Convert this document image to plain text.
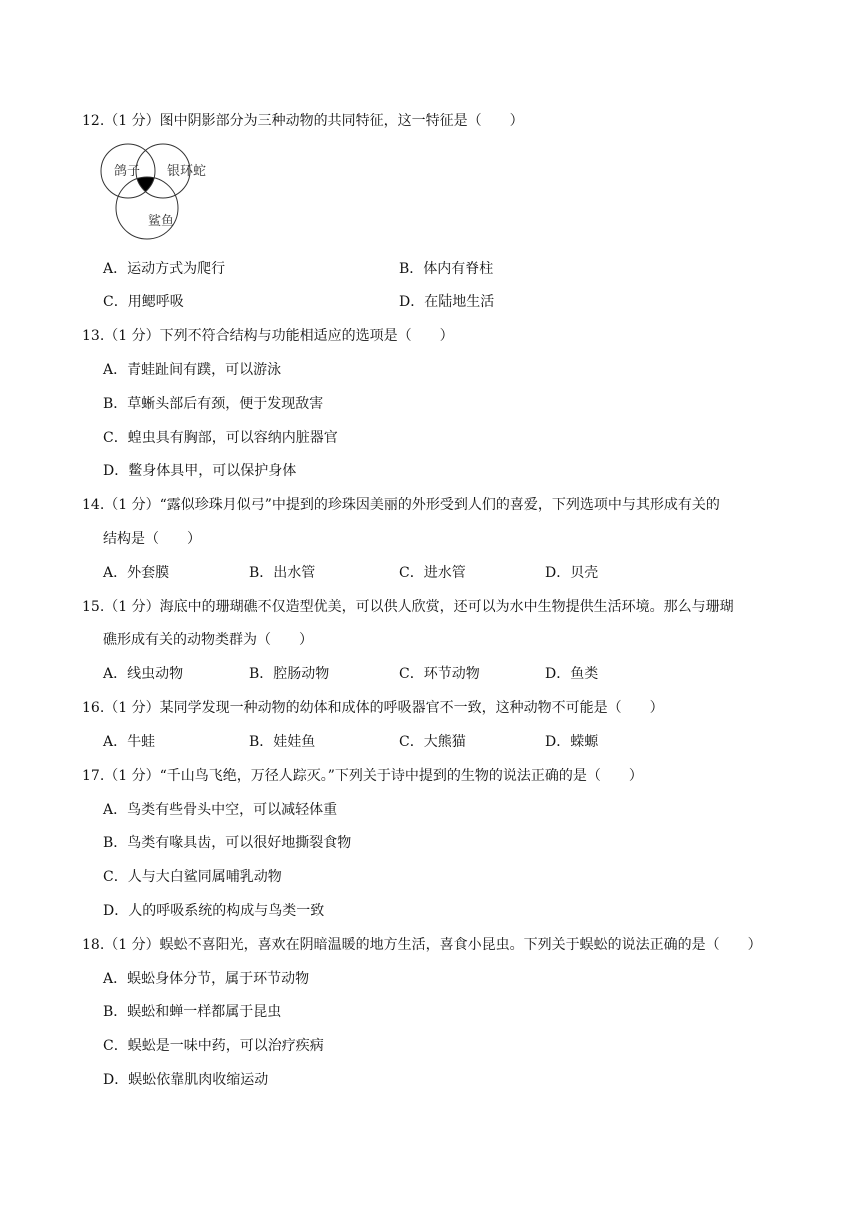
12.（1 分）图中阴影部分为三种动物的共同特征，这一特征是（　　）
鸽子 银环蛇
鲨鱼
A．运动方式为爬行	B．体内有脊柱
C．用鳃呼吸	D．在陆地生活
13.（1 分）下列不符合结构与功能相适应的选项是（　　）
A．青蛙趾间有蹼，可以游泳
B．草蜥头部后有颈，便于发现敌害
C．蝗虫具有胸部，可以容纳内脏器官
D．鳖身体具甲，可以保护身体
14.（1 分）“露似珍珠月似弓”中提到的珍珠因美丽的外形受到人们的喜爱，下列选项中与其形成有关的
结构是（　　）
A．外套膜	B．出水管	C．进水管	D．贝壳
15.（1 分）海底中的珊瑚礁不仅造型优美，可以供人欣赏，还可以为水中生物提供生活环境。那么与珊瑚
礁形成有关的动物类群为（　　）
A．线虫动物	B．腔肠动物	C．环节动物	D．鱼类
16.（1 分）某同学发现一种动物的幼体和成体的呼吸器官不一致，这种动物不可能是（　　）
A．牛蛙	B．娃娃鱼	C．大熊猫	D．蝾螈
17.（1 分）“千山鸟飞绝，万径人踪灭。”下列关于诗中提到的生物的说法正确的是（　　）
A．鸟类有些骨头中空，可以减轻体重
B．鸟类有喙具齿，可以很好地撕裂食物
C．人与大白鲨同属哺乳动物
D．人的呼吸系统的构成与鸟类一致
18.（1 分）蜈蚣不喜阳光，喜欢在阴暗温暖的地方生活，喜食小昆虫。下列关于蜈蚣的说法正确的是（　　）
A．蜈蚣身体分节，属于环节动物
B．蜈蚣和蝉一样都属于昆虫
C．蜈蚣是一味中药，可以治疗疾病
D．蜈蚣依靠肌肉收缩运动
